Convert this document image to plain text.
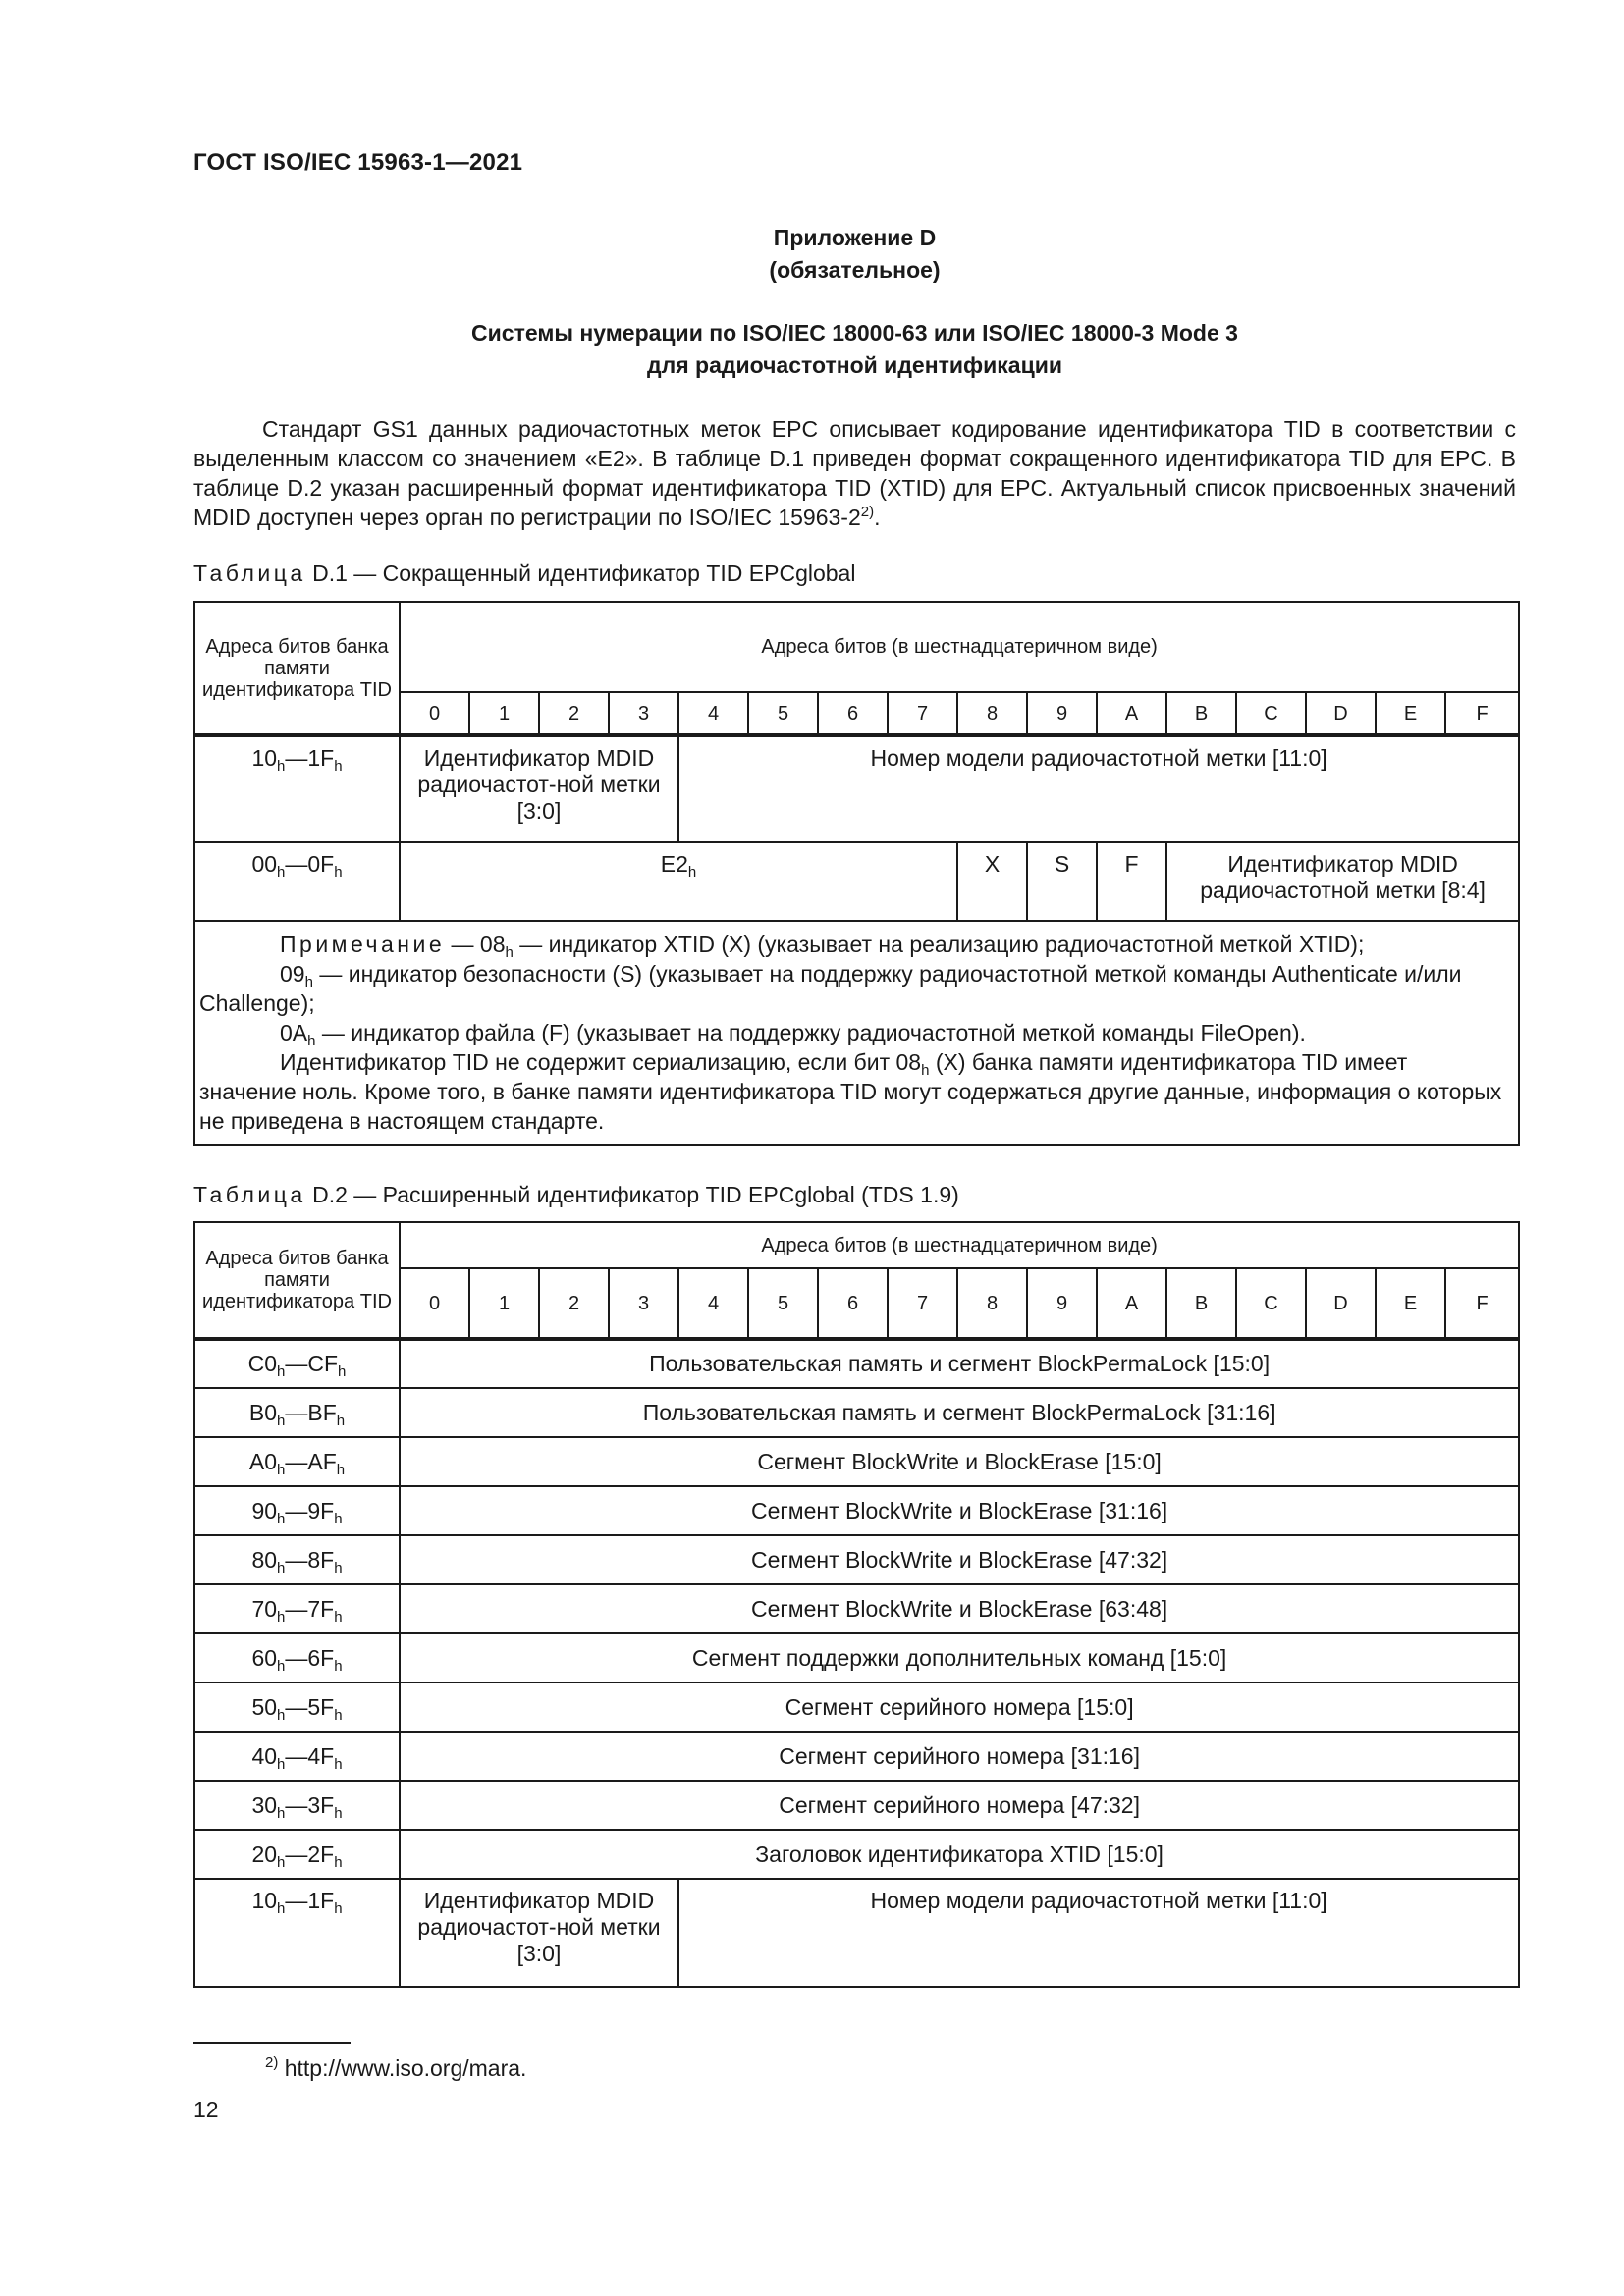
ГОСТ ISO/IEC 15963-1—2021
Приложение D
(обязательное)
Системы нумерации по ISO/IEC 18000-63 или ISO/IEC 18000-3 Mode 3
для радиочастотной идентификации
Стандарт GS1 данных радиочастотных меток EPC описывает кодирование идентификатора TID в соответствии с выделенным классом со значением «E2». В таблице D.1 приведен формат сокращенного идентификатора TID для EPC. В таблице D.2 указан расширенный формат идентификатора TID (XTID) для EPC. Актуальный список присвоенных значений MDID доступен через орган по регистрации по ISO/IEC 15963-2$^{2)}$.
Таблица D.1 — Сокращенный идентификатор TID EPCglobal
Адреса битов банка памяти идентификатора TID	Адреса битов (в шестнадцатеричном виде)															
	0	1	2	3	4	5	6	7	8	9	A	B	C	D	E	F
$10_h—1F_h$	Идентификатор MDID радиочастот-ной метки [3:0]				Номер модели радиочастотной метки [11:0]											
$00_h—0F_h$	$E2_h$								X	S	F	Идентификатор MDID радиочастотной метки [8:4]				

Примечание — $08_h$ — индикатор XTID (X) (указывает на реализацию радиочастотной меткой XTID);
$09_h$ — индикатор безопасности (S) (указывает на поддержку радиочастотной меткой команды Authenticate и/или Challenge);
$0A_h$ — индикатор файла (F) (указывает на поддержку радиочастотной меткой команды FileOpen).
Идентификатор TID не содержит сериализацию, если бит $08_h$ (X) банка памяти идентификатора TID имеет значение ноль. Кроме того, в банке памяти идентификатора TID могут содержаться другие данные, информация о которых не приведена в настоящем стандарте.																
Таблица D.2 — Расширенный идентификатор TID EPCglobal (TDS 1.9)
Адреса битов банка памяти идентификатора TID	Адреса битов (в шестнадцатеричном виде)															
	0	1	2	3	4	5	6	7	8	9	A	B	C	D	E	F
$C0_h—CF_h$	Пользовательская память и сегмент BlockPermaLock [15:0]															
$B0_h—BF_h$	Пользовательская память и сегмент BlockPermaLock [31:16]															
$A0_h—AF_h$	Сегмент BlockWrite и BlockErase [15:0]															
$90_h—9F_h$	Сегмент BlockWrite и BlockErase [31:16]															
$80_h—8F_h$	Сегмент BlockWrite и BlockErase [47:32]															
$70_h—7F_h$	Сегмент BlockWrite и BlockErase [63:48]															
$60_h—6F_h$	Сегмент поддержки дополнительных команд [15:0]															
$50_h—5F_h$	Сегмент серийного номера [15:0]															
$40_h—4F_h$	Сегмент серийного номера [31:16]															
$30_h—3F_h$	Сегмент серийного номера [47:32]															
$20_h—2F_h$	Заголовок идентификатора XTID [15:0]															
$10_h—1F_h$	Идентификатор MDID радиочастот-ной метки [3:0]				Номер модели радиочастотной метки [11:0]											
$^{2)}$ http://www.iso.org/mara.
12
